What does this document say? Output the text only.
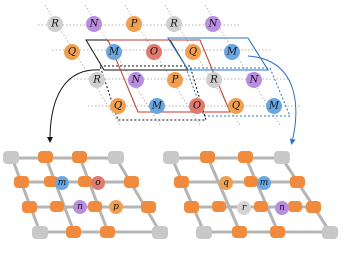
R	N	P	R	N
Q	M	O	Q	M
R	N	P	R	N
Q	M	O	Q	M
m	o
n	p
q	m
r	n
